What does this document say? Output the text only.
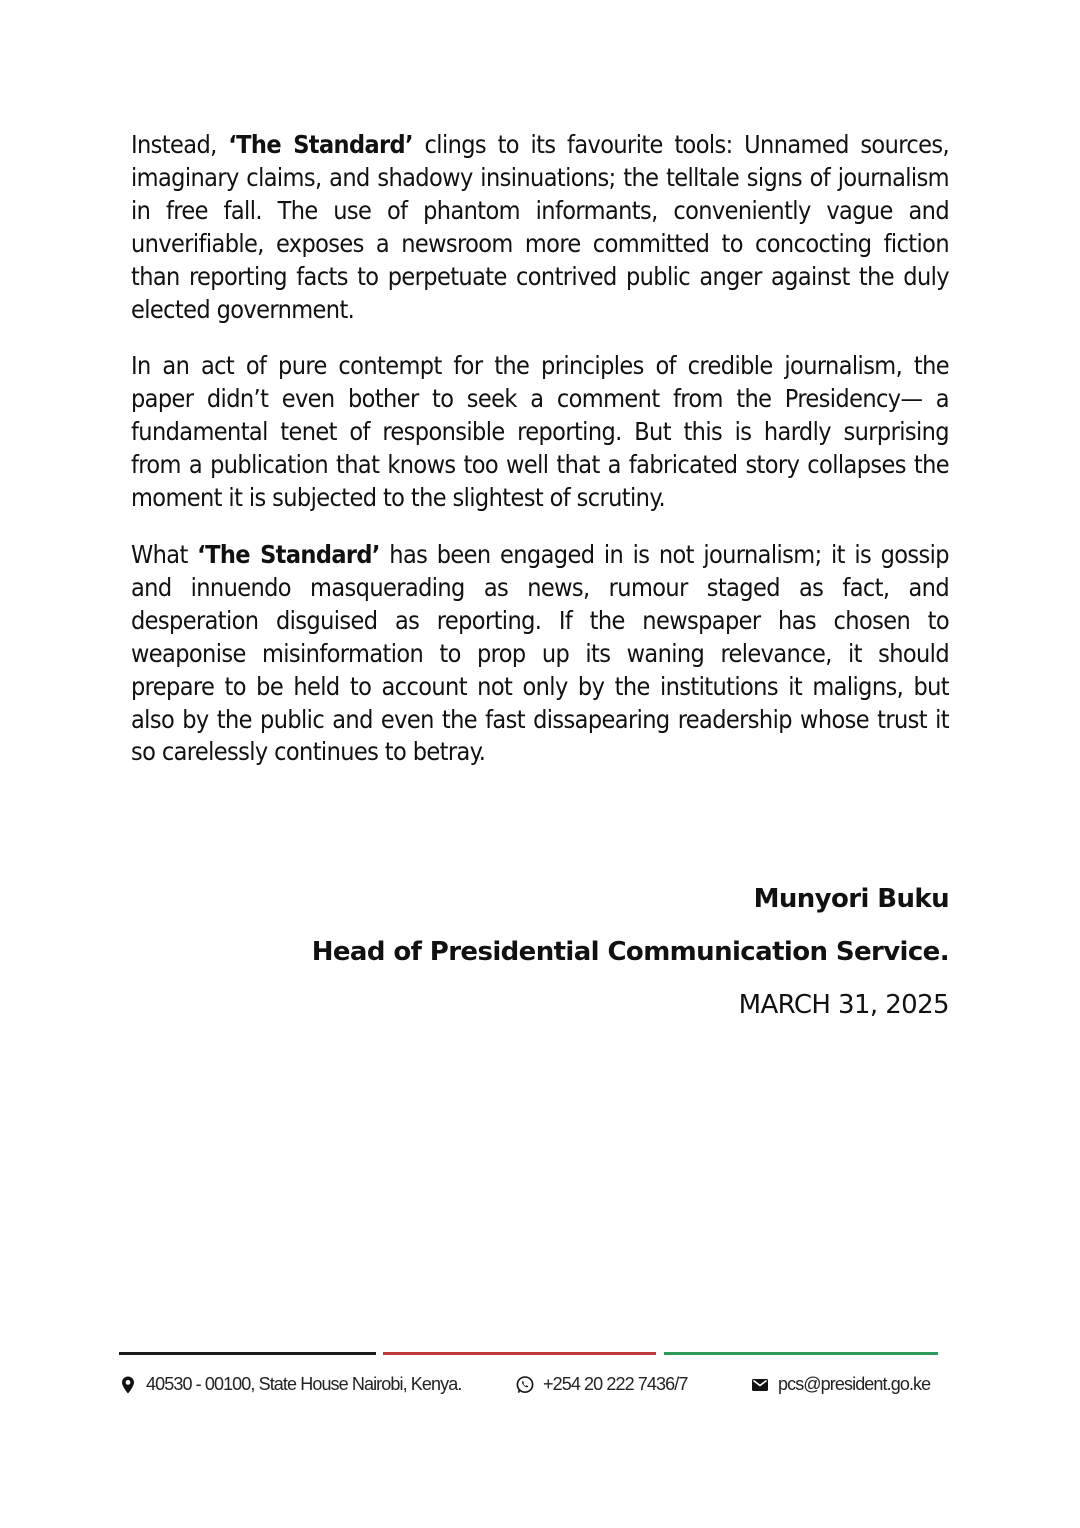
Instead, ‘The Standard’ clings to its favourite tools: Unnamed sources, imaginary claims, and shadowy insinuations; the telltale signs of journalism in free fall. The use of phantom informants, conveniently vague and unverifiable, exposes a newsroom more committed to concocting fiction than reporting facts to perpetuate contrived public anger against the duly elected government.

In an act of pure contempt for the principles of credible journalism, the paper didn’t even bother to seek a comment from the Presidency— a fundamental tenet of responsible reporting. But this is hardly surprising from a publication that knows too well that a fabricated story collapses the moment it is subjected to the slightest of scrutiny.

What ‘The Standard’ has been engaged in is not journalism; it is gossip and innuendo masquerading as news, rumour staged as fact, and desperation disguised as reporting. If the newspaper has chosen to weaponise misinformation to prop up its waning relevance, it should prepare to be held to account not only by the institutions it maligns, but also by the public and even the fast dissapearing readership whose trust it so carelessly continues to betray.

Munyori Buku
Head of Presidential Communication Service.
MARCH 31, 2025
40530 - 00100, State House Nairobi, Kenya.	+254 20 222 7436/7	pcs@president.go.ke
